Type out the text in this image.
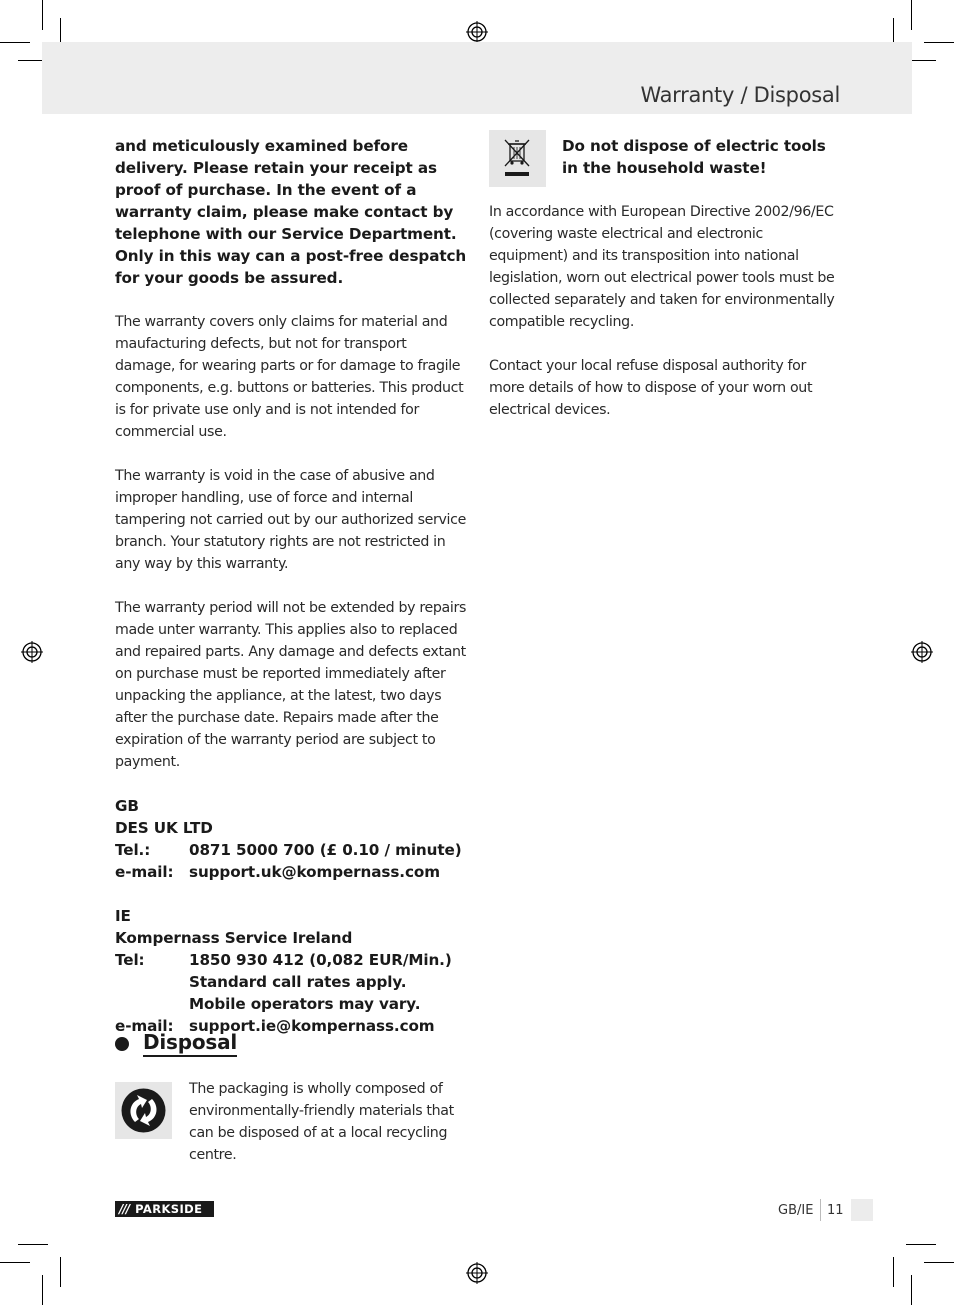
Warranty / Disposal

and meticulously examined before delivery. Please retain your receipt as proof of purchase. In the event of a warranty claim, please make contact by telephone with our Service Department. Only in this way can a post-free despatch for your goods be assured.

The warranty covers only claims for material and maufacturing defects, but not for transport damage, for wearing parts or for damage to fragile components, e.g. buttons or batteries. This product is for private use only and is not intended for commercial use.

The warranty is void in the case of abusive and improper handling, use of force and internal tampering not carried out by our authorized service branch. Your statutory rights are not restricted in any way by this warranty.

The warranty period will not be extended by repairs made unter warranty. This applies also to replaced and repaired parts. Any damage and defects extant on purchase must be reported immediately after unpacking the appliance, at the latest, two days after the purchase date. Repairs made after the expiration of the warranty period are subject to payment.

GB
DES UK LTD
Tel.:	0871 5000 700 (£ 0.10 / minute)
e-mail:	support.uk@kompernass.com
IE
Kompernass Service Ireland
Tel:	1850 930 412 (0,082 EUR/Min.)
Standard call rates apply.
Mobile operators may vary.
e-mail:	support.ie@kompernass.com
Disposal

The packaging is wholly composed of environmentally-friendly materials that can be disposed of at a local recycling centre.

Do not dispose of electric tools in the household waste!

In accordance with European Directive 2002/96/EC (covering waste electrical and electronic equipment) and its transposition into national legislation, worn out electrical power tools must be collected separately and taken for environmentally compatible recycling.

Contact your local refuse disposal authority for more details of how to dispose of your worn out electrical devices.

/// PARKSIDE	GB/IE 11
